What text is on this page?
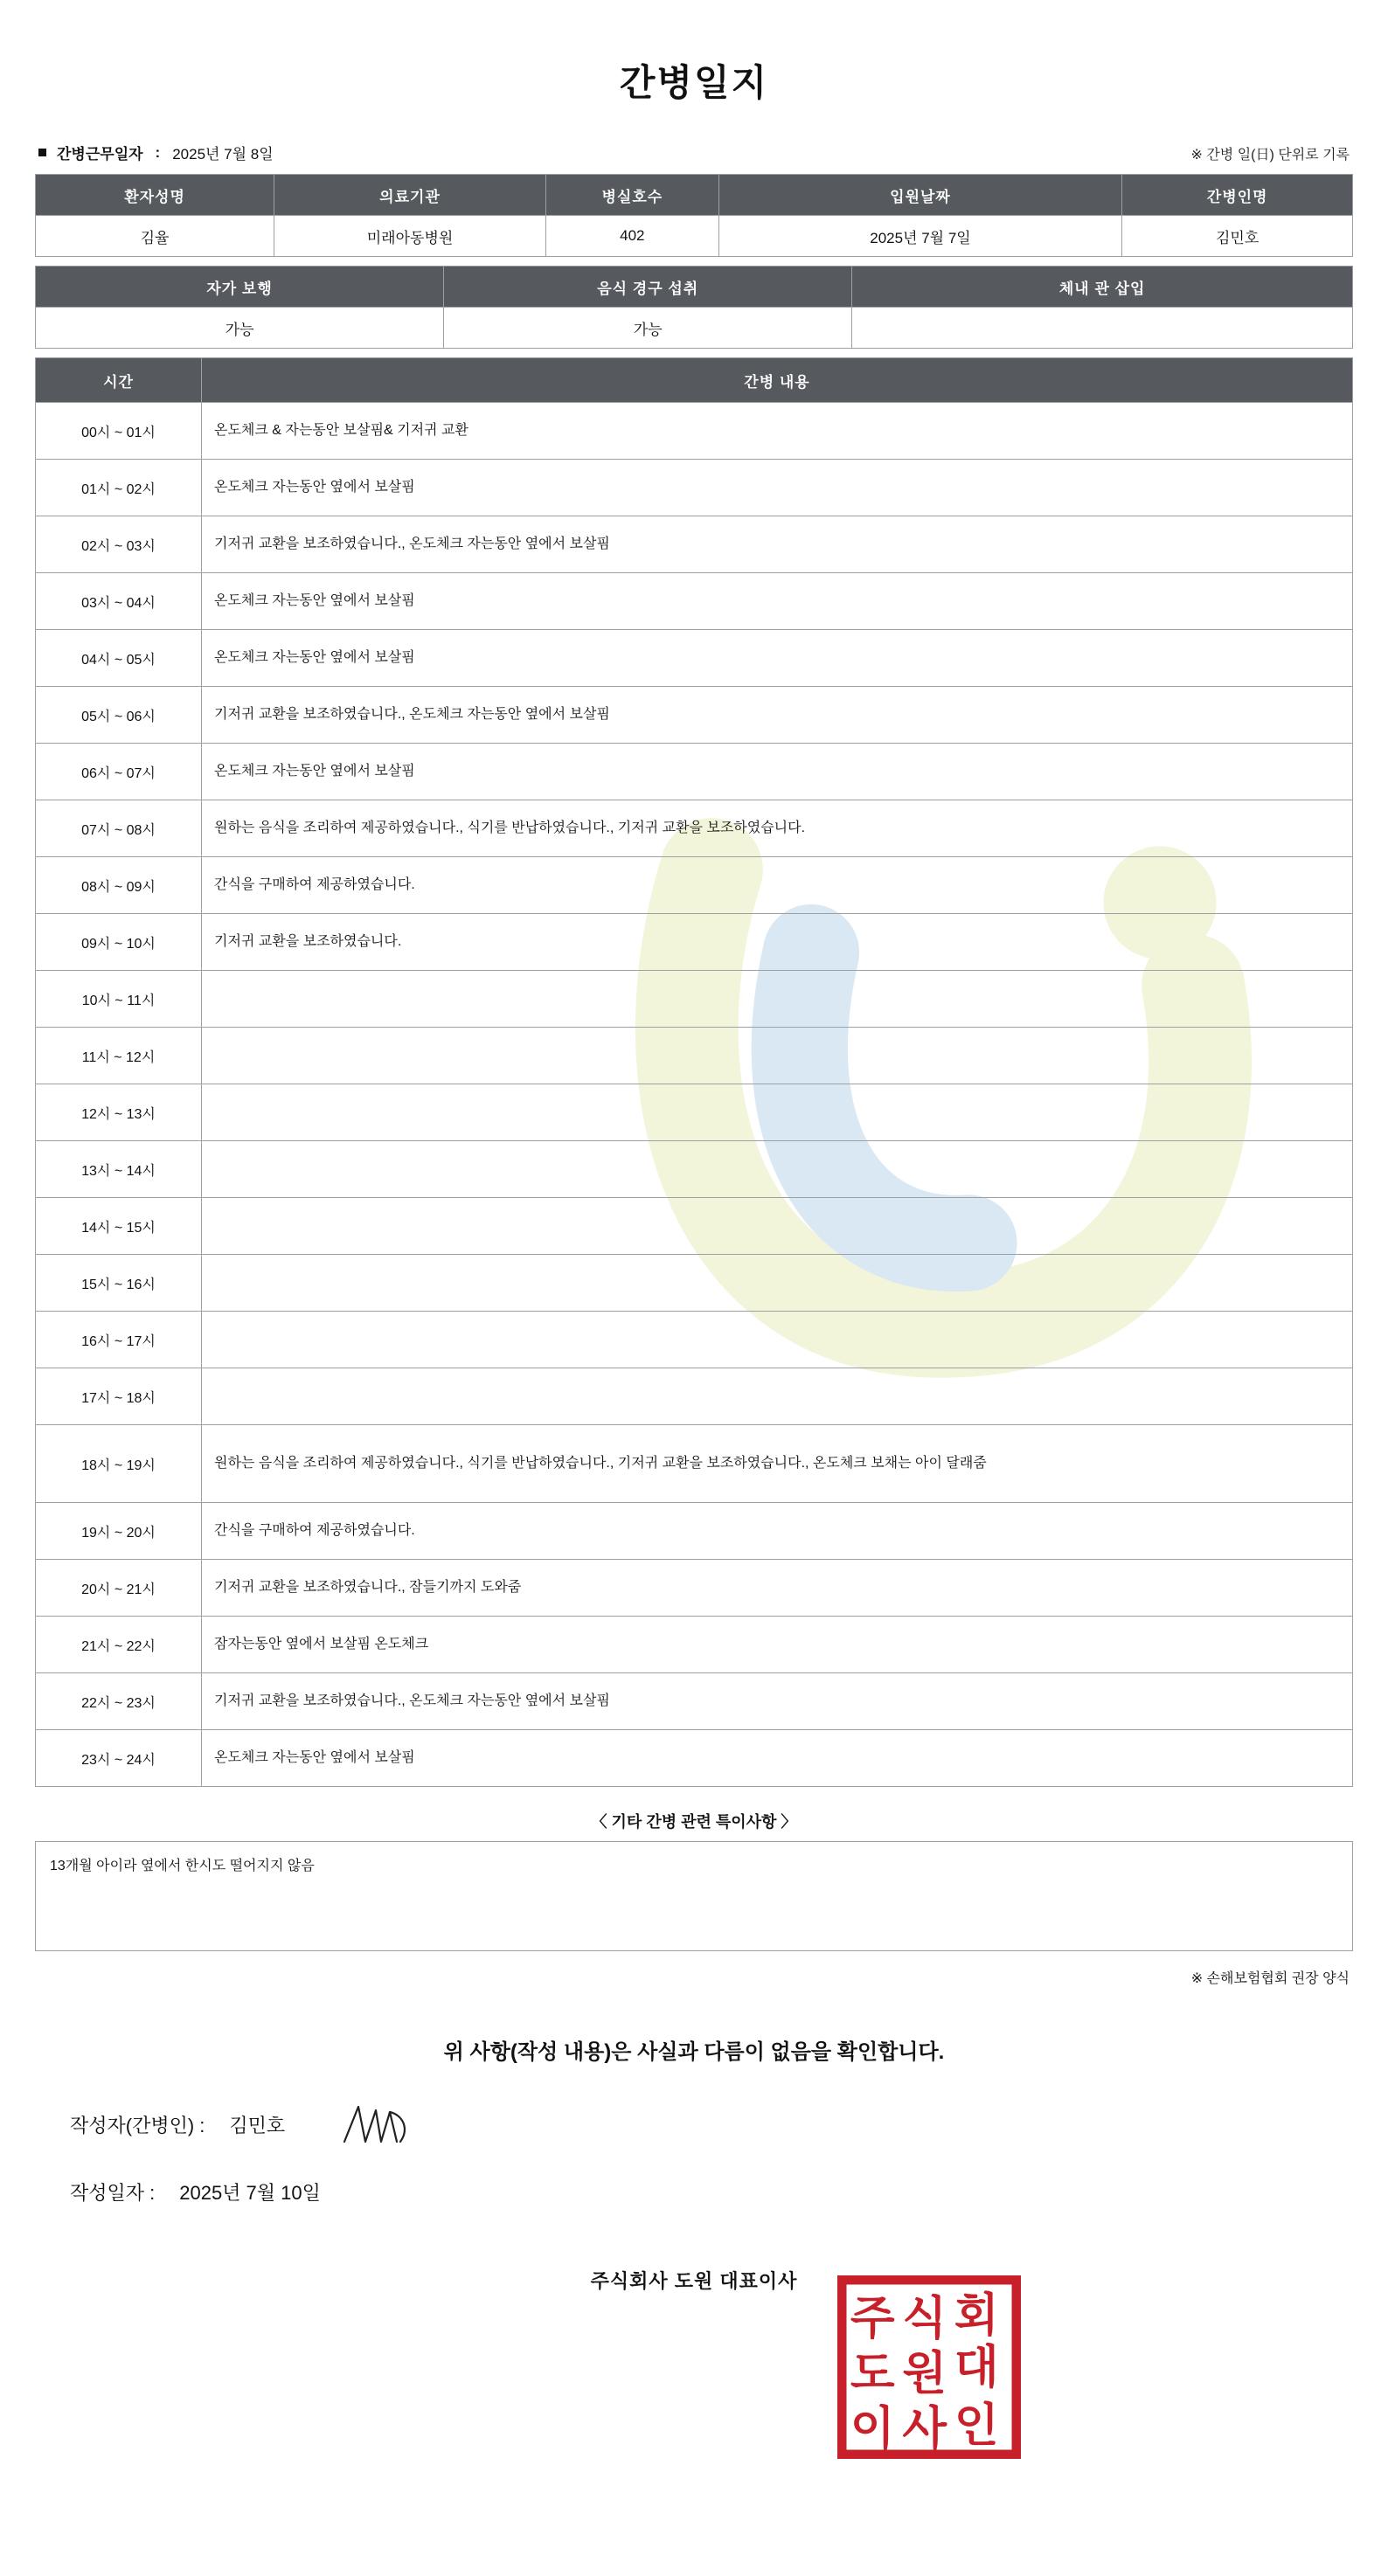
간병일지
간병근무일자 : 2025년 7월 8일	※ 간병 일(日) 단위로 기록
환자성명	의료기관	병실호수	입원날짜	간병인명
김율	미래아동병원	402	2025년 7월 7일	김민호
자가 보행	음식 경구 섭취	체내 관 삽입
가능	가능	
시간	간병 내용
00시 ~ 01시	온도체크 & 자는동안 보살핌& 기저귀 교환
01시 ~ 02시	온도체크 자는동안 옆에서 보살핌
02시 ~ 03시	기저귀 교환을 보조하였습니다., 온도체크 자는동안 옆에서 보살핌
03시 ~ 04시	온도체크 자는동안 옆에서 보살핌
04시 ~ 05시	온도체크 자는동안 옆에서 보살핌
05시 ~ 06시	기저귀 교환을 보조하였습니다., 온도체크 자는동안 옆에서 보살핌
06시 ~ 07시	온도체크 자는동안 옆에서 보살핌
07시 ~ 08시	원하는 음식을 조리하여 제공하였습니다., 식기를 반납하였습니다., 기저귀 교환을 보조하였습니다.
08시 ~ 09시	간식을 구매하여 제공하였습니다.
09시 ~ 10시	기저귀 교환을 보조하였습니다.
10시 ~ 11시	
11시 ~ 12시	
12시 ~ 13시	
13시 ~ 14시	
14시 ~ 15시	
15시 ~ 16시	
16시 ~ 17시	
17시 ~ 18시	
18시 ~ 19시	원하는 음식을 조리하여 제공하였습니다., 식기를 반납하였습니다., 기저귀 교환을 보조하였습니다., 온도체크 보채는 아이 달래줌
19시 ~ 20시	간식을 구매하여 제공하였습니다.
20시 ~ 21시	기저귀 교환을 보조하였습니다., 잠들기까지 도와줌
21시 ~ 22시	잠자는동안 옆에서 보살핌 온도체크
22시 ~ 23시	기저귀 교환을 보조하였습니다., 온도체크 자는동안 옆에서 보살핌
23시 ~ 24시	온도체크 자는동안 옆에서 보살핌
〈 기타 간병 관련 특이사항 〉
13개월 아이라 옆에서 한시도 떨어지지 않음
※ 손해보험협회 권장 양식
위 사항(작성 내용)은 사실과 다름이 없음을 확인합니다.
작성자(간병인) : 김민호
작성일자 : 2025년 7월 10일
주식회사 도원 대표이사
주 식 회
도 원 대
이 사 인
